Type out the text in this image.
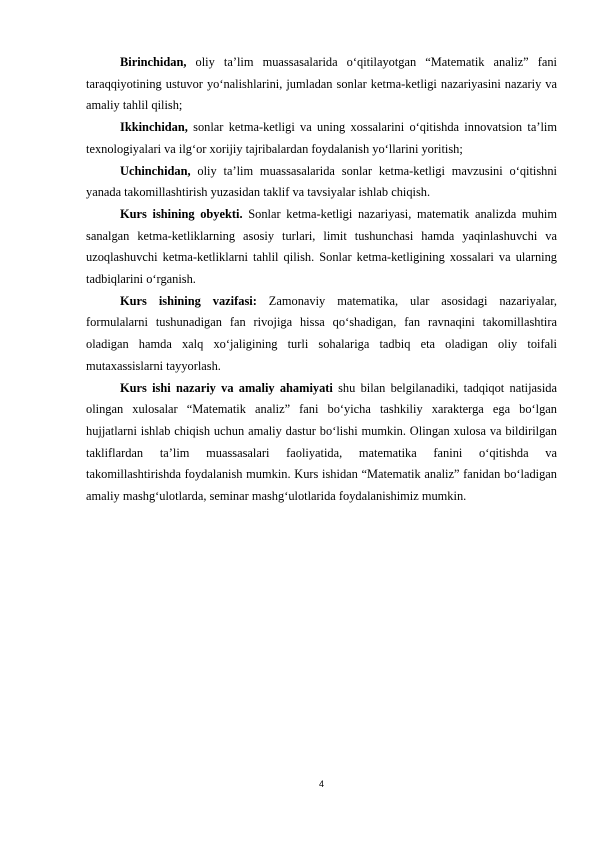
Birinchidan, oliy ta’lim muassasalarida o‘qitilayotgan “Matematik analiz” fani taraqqiyotining ustuvor yo‘nalishlarini, jumladan sonlar ketma-ketligi nazariyasini nazariy va amaliy tahlil qilish;

Ikkinchidan, sonlar ketma-ketligi va uning xossalarini o‘qitishda innovatsion ta’lim texnologiyalari va ilg‘or xorijiy tajribalardan foydalanish yo‘llarini yoritish;

Uchinchidan, oliy ta’lim muassasalarida sonlar ketma-ketligi mavzusini o‘qitishni yanada takomillashtirish yuzasidan taklif va tavsiyalar ishlab chiqish.

Kurs ishining obyekti. Sonlar ketma-ketligi nazariyasi, matematik analizda muhim sanalgan ketma-ketliklarning asosiy turlari, limit tushunchasi hamda yaqinlashuvchi va uzoqlashuvchi ketma-ketliklarni tahlil qilish. Sonlar ketma-ketligining xossalari va ularning tadbiqlarini o‘rganish.

Kurs ishining vazifasi: Zamonaviy matematika, ular asosidagi nazariyalar, formulalarni tushunadigan fan rivojiga hissa qo‘shadigan, fan ravnaqini takomillashtira oladigan hamda xalq xo‘jaligining turli sohalariga tadbiq eta oladigan oliy toifali mutaxassislarni tayyorlash.

Kurs ishi nazariy va amaliy ahamiyati shu bilan belgilanadiki, tadqiqot natijasida olingan xulosalar “Matematik analiz” fani bo‘yicha tashkiliy xarakterga ega bo‘lgan hujjatlarni ishlab chiqish uchun amaliy dastur bo‘lishi mumkin. Olingan xulosa va bildirilgan takliflardan ta’lim muassasalari faoliyatida, matematika fanini o‘qitishda va takomillashtirishda foydalanish mumkin. Kurs ishidan “Matematik analiz” fanidan bo‘ladigan amaliy mashg‘ulotlarda, seminar mashg‘ulotlarida foydalanishimiz mumkin.

4
